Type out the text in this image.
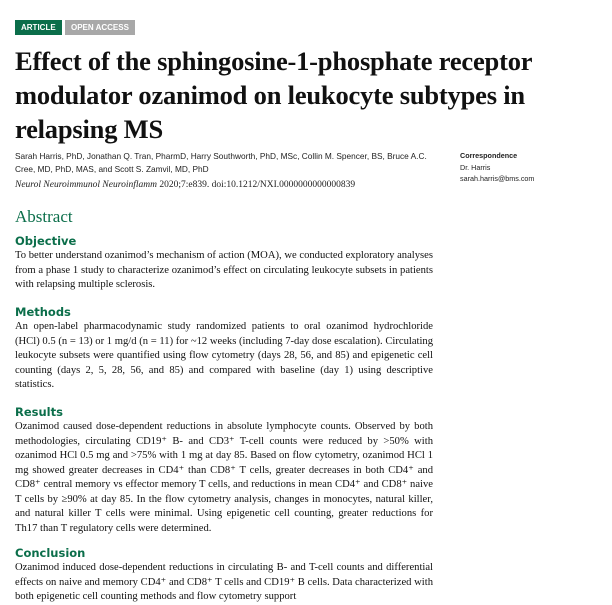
ARTICLE	OPEN ACCESS
Effect of the sphingosine-1-phosphate receptor modulator ozanimod on leukocyte subtypes in relapsing MS
Sarah Harris, PhD, Jonathan Q. Tran, PharmD, Harry Southworth, PhD, MSc, Collin M. Spencer, BS, Bruce A.C. Cree, MD, PhD, MAS, and Scott S. Zamvil, MD, PhD
Neurol Neuroimmunol Neuroinflamm 2020;7:e839. doi:10.1212/NXI.0000000000000839
Correspondence
Dr. Harris
sarah.harris@bms.com
Abstract
Objective
To better understand ozanimod’s mechanism of action (MOA), we conducted exploratory analyses from a phase 1 study to characterize ozanimod’s effect on circulating leukocyte subsets in patients with relapsing multiple sclerosis.
Methods
An open-label pharmacodynamic study randomized patients to oral ozanimod hydrochloride (HCl) 0.5 (n = 13) or 1 mg/d (n = 11) for ~12 weeks (including 7-day dose escalation). Circulating leukocyte subsets were quantified using flow cytometry (days 28, 56, and 85) and epigenetic cell counting (days 2, 5, 28, 56, and 85) and compared with baseline (day 1) using descriptive statistics.
Results
Ozanimod caused dose-dependent reductions in absolute lymphocyte counts. Observed by both methodologies, circulating CD19⁺ B- and CD3⁺ T-cell counts were reduced by >50% with ozanimod HCl 0.5 mg and >75% with 1 mg at day 85. Based on flow cytometry, ozanimod HCl 1 mg showed greater decreases in CD4⁺ than CD8⁺ T cells, greater decreases in both CD4⁺ and CD8⁺ central memory vs effector memory T cells, and reductions in mean CD4⁺ and CD8⁺ naive T cells by ≥90% at day 85. In the flow cytometry analysis, changes in monocytes, natural killer, and natural killer T cells were minimal. Using epigenetic cell counting, greater reductions for Th17 than T regulatory cells were determined.
Conclusion
Ozanimod induced dose-dependent reductions in circulating B- and T-cell counts and differential effects on naive and memory CD4⁺ and CD8⁺ T cells and CD19⁺ B cells. Data characterized with both epigenetic cell counting methods and flow cytometry support
